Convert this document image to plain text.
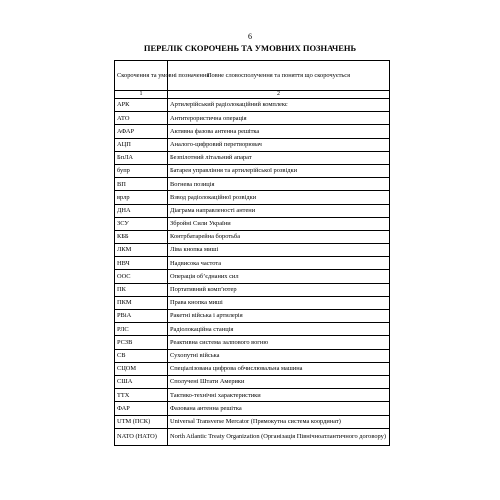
6
ПЕРЕЛІК СКОРОЧЕНЬ ТА УМОВНИХ ПОЗНАЧЕНЬ
Скорочення та умовні позначення	Повне словосполучення та поняття що скорочується
1	2
АРК	Артилерійський радіолокаційний комплекс
АТО	Антитерористична операція
АФАР	Активна фазова антенна решітка
АЦП	Аналого-цифровий перетворювач
БпЛА	Безпілотний літальний апарат
бупр	Батарея управління та артилерійської розвідки
ВП	Вогнева позиція
врлр	Взвод радіолокаційної розвідки
ДНА	Діаграма направленості антени
ЗСУ	Збройні Сили України
КББ	Контрбатарейна боротьба
ЛКМ	Ліва кнопка миші
НВЧ	Надвисока частота
ООС	Операція об’єднаних сил
ПК	Портативний комп’ютер
ПКМ	Права кнопка миші
РВіА	Ракетні війська і артилерія
РЛС	Радіолокаційна станція
РСЗВ	Реактивна система залпового вогню
СВ	Сухопутні війська
СЦОМ	Спеціалізована цифрова обчислювальна машина
США	Сполучені Штати Америки
ТТХ	Тактико-технічні характеристики
ФАР	Фазована антенна решітка
UTM (ПСК)	Universal Transverse Mercator (Прямокутна система координат)
NATO (НАТО)	North Atlantic Treaty Organization (Організація Північноатлантичного договору)
